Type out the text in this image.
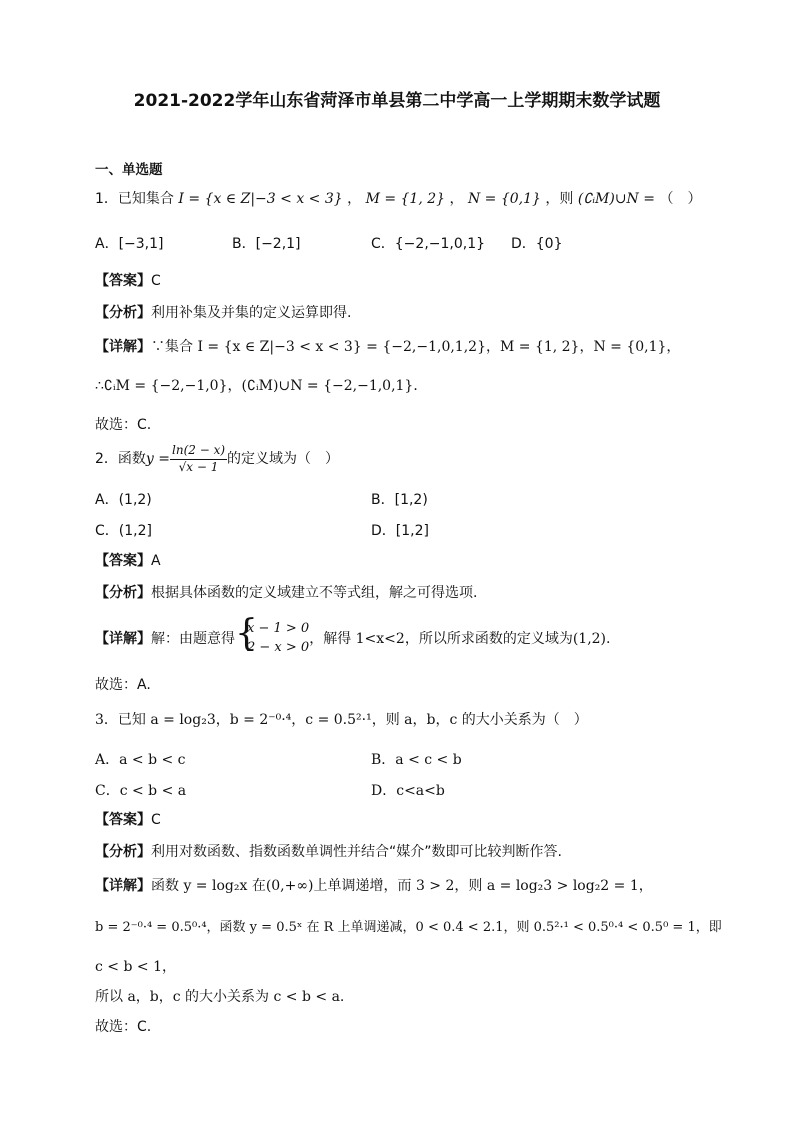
2021-2022学年山东省菏泽市单县第二中学高一上学期期末数学试题
一、单选题
1．已知集合 I = {x ∈ Z|−3 < x < 3} ， M = {1, 2} ， N = {0,1} ，则 (∁ᵢM)∪N = （　）
A．[−3,1]	B．[−2,1]	C．{−2,−1,0,1} D．{0}
【答案】C
【分析】利用补集及并集的定义运算即得.
【详解】∵集合 I = {x ∈ Z|−3 < x < 3} = {−2,−1,0,1,2}，M = {1, 2}，N = {0,1}，
∴∁ᵢM = {−2,−1,0}，(∁ᵢM)∪N = {−2,−1,0,1}．
故选：C.
2．函数$y = \frac{\ln(2 - x)}{√x - 1}$ 的定义域为（　）
A．(1,2)	B．[1,2)
C．(1,2]	D．[1,2]
【答案】A
【分析】根据具体函数的定义域建立不等式组，解之可得选项.
【详解】解：由题意得 {
x − 1 > 0
2 − x > 0
，解得 1<x<2，所以所求函数的定义域为(1,2).
故选：A.
3．已知 a = log₂3，b = 2⁻⁰·⁴，c = 0.5²·¹，则 a，b，c 的大小关系为（　）
A．a < b < c	B．a < c < b
C．c < b < a	D．c<a<b
【答案】C
【分析】利用对数函数、指数函数单调性并结合“媒介”数即可比较判断作答.
【详解】函数 y = log₂x 在(0,+∞)上单调递增，而 3 > 2，则 a = log₂3 > log₂2 = 1，
b = 2⁻⁰·⁴ = 0.5⁰·⁴，函数 y = 0.5ˣ 在 R 上单调递减，0 < 0.4 < 2.1，则 0.5²·¹ < 0.5⁰·⁴ < 0.5⁰ = 1，即
c < b < 1，
所以 a，b，c 的大小关系为 c < b < a.
故选：C.
